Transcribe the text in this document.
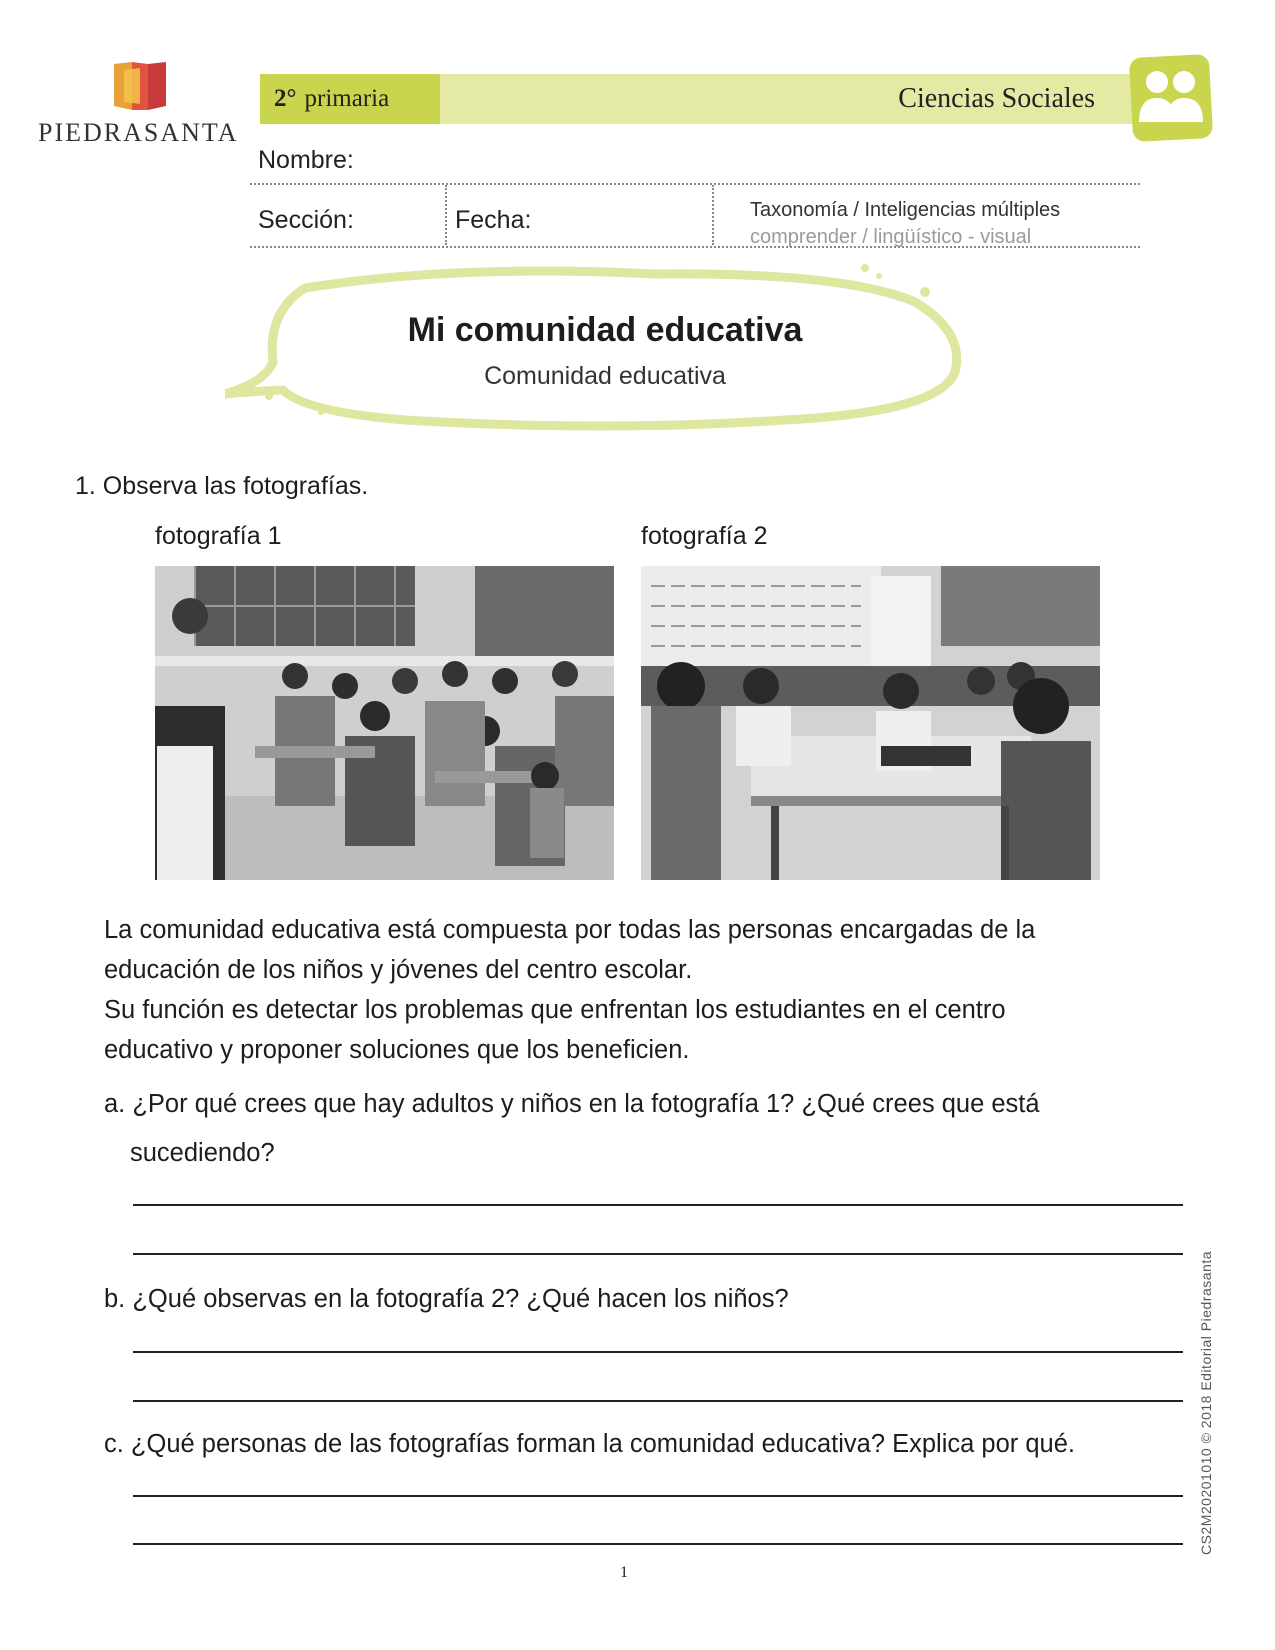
PIEDRASANTA
2° primaria	Ciencias Sociales
Nombre:
Sección:	Fecha:	Taxonomía / Inteligencias múltiples
comprender / lingüístico - visual
Mi comunidad educativa
Comunidad educativa
1. Observa las fotografías.
fotografía 1	fotografía 2
La comunidad educativa está compuesta por todas las personas encargadas de la
educación de los niños y jóvenes del centro escolar.
Su función es detectar los problemas que enfrentan los estudiantes en el centro
educativo y proponer soluciones que los beneficien.
a. ¿Por qué crees que hay adultos y niños en la fotografía 1? ¿Qué crees que está
sucediendo?
b. ¿Qué observas en la fotografía 2? ¿Qué hacen los niños?
c. ¿Qué personas de las fotografías forman la comunidad educativa? Explica por qué.
1
CS2M20201010 © 2018 Editorial Piedrasanta
